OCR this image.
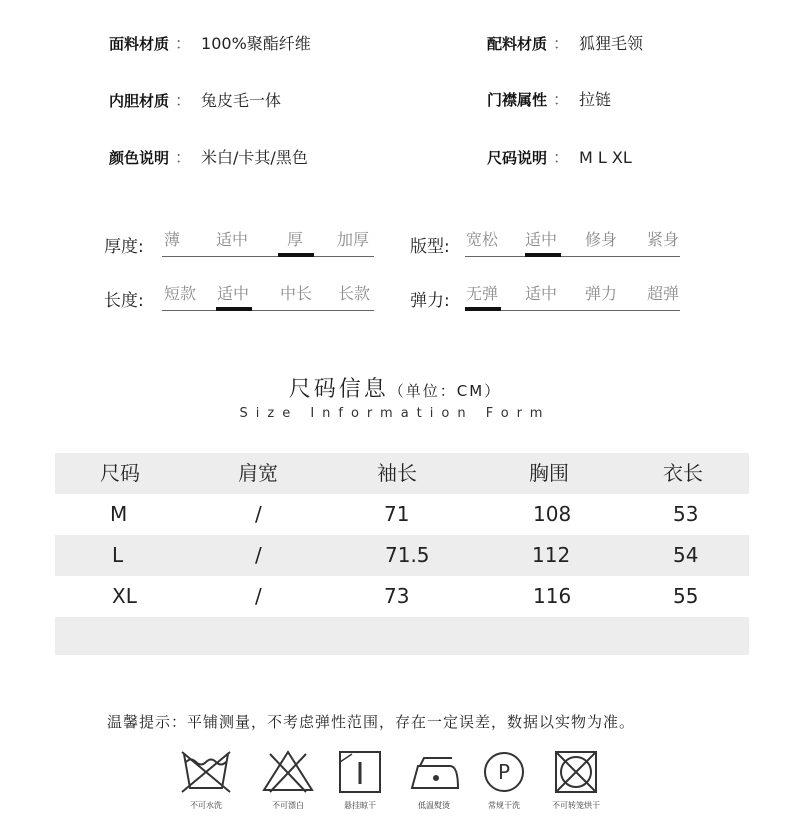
面料材质 ： 100%聚酯纤维	配料材质 ： 狐狸毛领
内胆材质 ： 兔皮毛一体	门襟属性 ： 拉链
颜色说明 ： 米白/卡其/黑色	尺码说明 ： M L XL
厚度: 薄 适中 厚 加厚 版型: 宽松 适中 修身 紧身
长度: 短款 适中 中长 长款 弹力: 无弹 适中 弹力 超弹
尺码信息（单位：CM）
Size Information Form
尺码	肩宽	袖长	胸围	衣长
M	/	71	108	53
L	/	71.5	112	54
XL	/	73	116	55
温馨提示：平铺测量，不考虑弹性范围，存在一定误差，数据以实物为准。
不可水洗	不可漂白	悬挂晾干	低温熨烫
P
常规干洗	不可转笼烘干
